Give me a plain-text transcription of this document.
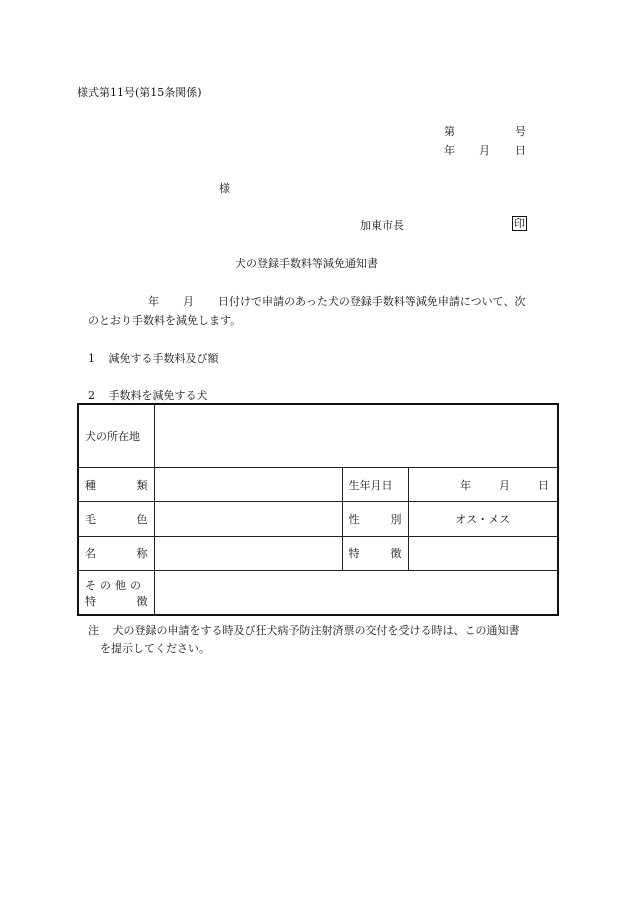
様式第11号(第15条関係)
第	号
年 月 日
様
加東市長	印
犬の登録手数料等減免通知書
年 月 日付けで申請のあった犬の登録手数料等減免申請について、次
のとおり手数料を減免します。
1 減免する手数料及び額
2 手数料を減免する犬
犬の所在地			

種 類		生年月日	年 月 日

毛 色		性 別	オス・メス

名 称		特 徴	

その他の
特 徴			

注 犬の登録の申請をする時及び狂犬病予防注射済票の交付を受ける時は、この通知書
を提示してください。
